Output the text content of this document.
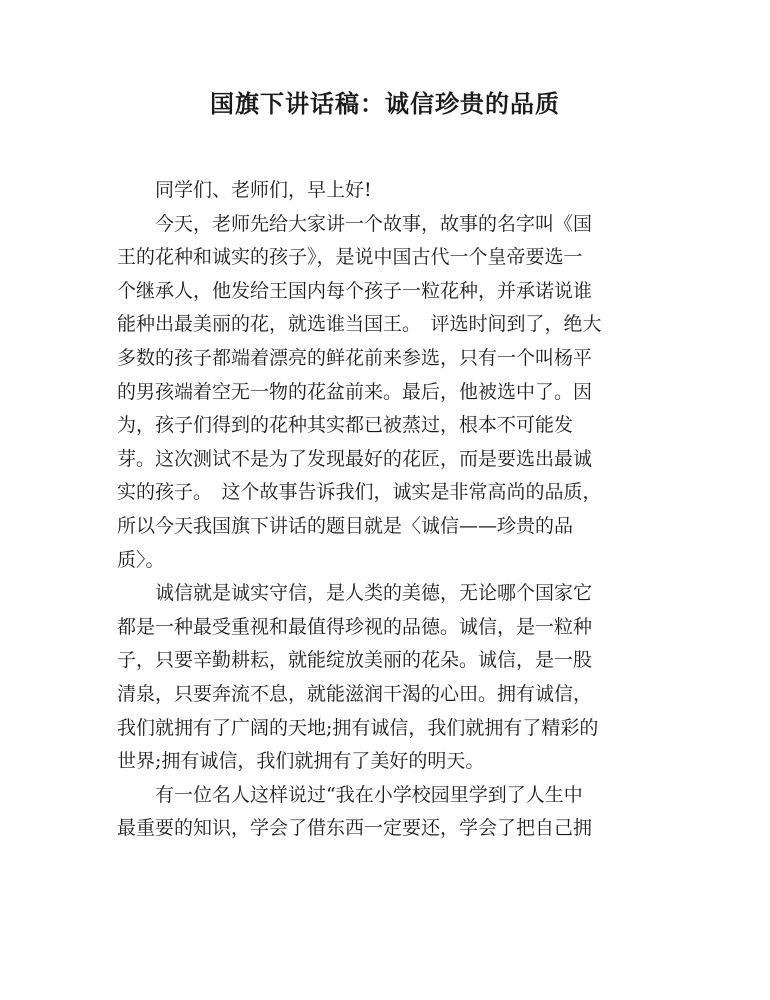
国旗下讲话稿：诚信珍贵的品质
　　同学们、老师们，早上好!
　　今天，老师先给大家讲一个故事，故事的名字叫《国
王的花种和诚实的孩子》，是说中国古代一个皇帝要选一
个继承人，他发给王国内每个孩子一粒花种，并承诺说谁
能种出最美丽的花，就选谁当国王。　评选时间到了，绝大
多数的孩子都端着漂亮的鲜花前来参选，只有一个叫杨平
的男孩端着空无一物的花盆前来。最后，他被选中了。因
为，孩子们得到的花种其实都已被蒸过，根本不可能发
芽。这次测试不是为了发现最好的花匠，而是要选出最诚
实的孩子。　这个故事告诉我们，诚实是非常高尚的品质，
所以今天我国旗下讲话的题目就是〈诚信——珍贵的品
质〉。
　　诚信就是诚实守信，是人类的美德，无论哪个国家它
都是一种最受重视和最值得珍视的品德。诚信，是一粒种
子，只要辛勤耕耘，就能绽放美丽的花朵。诚信，是一股
清泉，只要奔流不息，就能滋润干渴的心田。拥有诚信，
我们就拥有了广阔的天地;拥有诚信，我们就拥有了精彩的
世界;拥有诚信，我们就拥有了美好的明天。
　　有一位名人这样说过“我在小学校园里学到了人生中
最重要的知识，学会了借东西一定要还，学会了把自己拥
